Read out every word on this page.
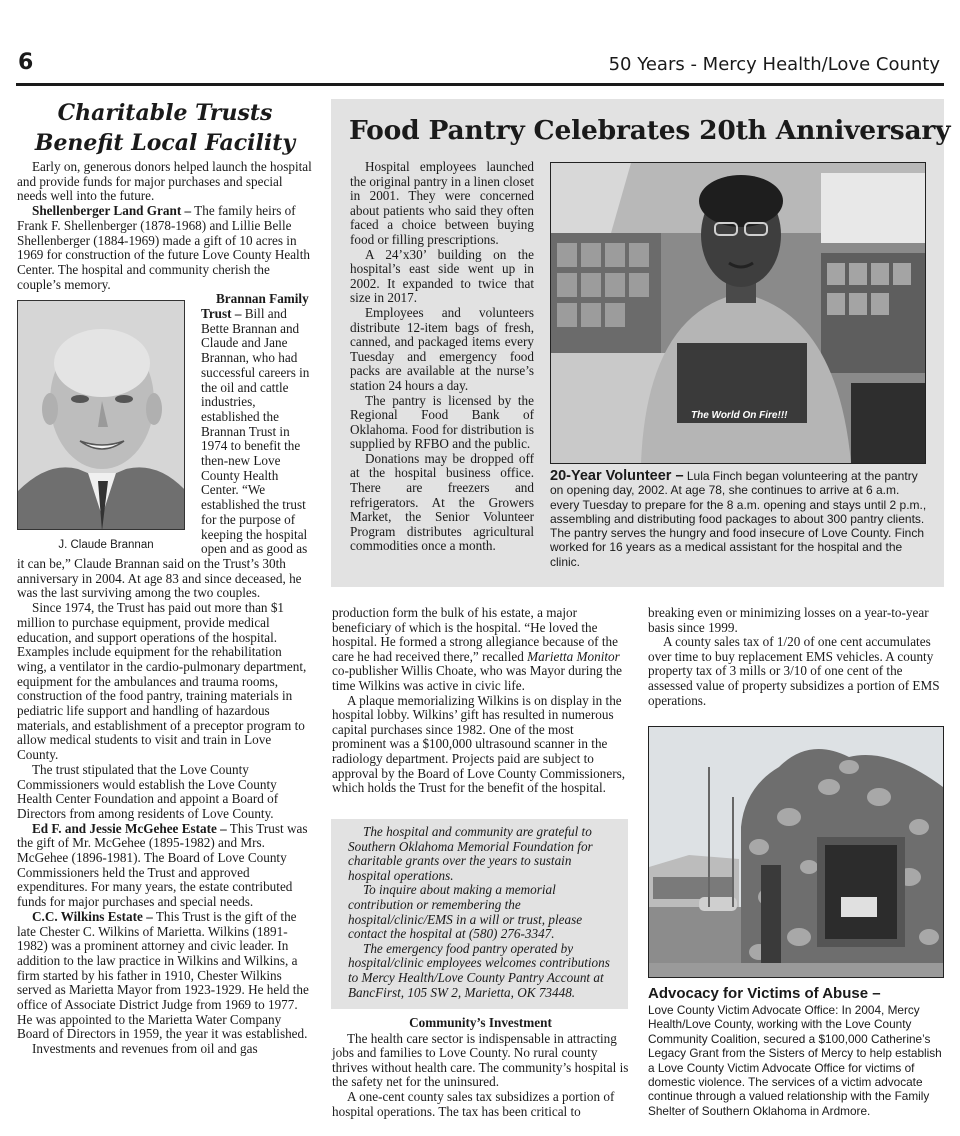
6	50 Years - Mercy Health/Love County
Charitable Trusts
Benefit Local Facility

Early on, generous donors helped launch the hospital and provide funds for major purchases and special needs well into the future.

Shellenberger Land Grant – The family heirs of Frank F. Shellenberger (1878-1968) and Lillie Belle Shellenberger (1884-1969) made a gift of 10 acres in 1969 for construction of the future Love County Health Center. The hospital and community cherish the couple’s memory.

J. Claude Brannan

Brannan Family Trust – Bill and Bette Brannan and Claude and Jane Brannan, who had successful careers in the oil and cattle industries, established the Brannan Trust in 1974 to benefit the then-new Love County Health Center. “We established the trust for the purpose of keeping the hospital open and as good as it can be,” Claude Brannan said on the Trust’s 30th anniversary in 2004. At age 83 and since deceased, he was the last surviving among the two couples.

Since 1974, the Trust has paid out more than $1 million to purchase equipment, provide medical education, and support operations of the hospital. Examples include equipment for the rehabilitation wing, a ventilator in the cardio-pulmonary department, equipment for the ambulances and trauma rooms, construction of the food pantry, training materials in pediatric life support and handling of hazardous materials, and establishment of a preceptor program to allow medical students to visit and train in Love County.

The trust stipulated that the Love County Commissioners would establish the Love County Health Center Foundation and appoint a Board of Directors from among residents of Love County.

Ed F. and Jessie McGehee Estate – This Trust was the gift of Mr. McGehee (1895-1982) and Mrs. McGehee (1896-1981). The Board of Love County Commissioners held the Trust and approved expenditures. For many years, the estate contributed funds for major purchases and special needs.

C.C. Wilkins Estate – This Trust is the gift of the late Chester C. Wilkins of Marietta. Wilkins (1891-1982) was a prominent attorney and civic leader. In addition to the law practice in Wilkins and Wilkins, a firm started by his father in 1910, Chester Wilkins served as Marietta Mayor from 1923-1929. He held the office of Associate District Judge from 1969 to 1977. He was appointed to the Marietta Water Company Board of Directors in 1959, the year it was established.

Investments and revenues from oil and gas

Food Pantry Celebrates 20th Anniversary

Hospital employees launched the original pantry in a linen closet in 2001. They were concerned about patients who said they often faced a choice between buying food or filling prescriptions.

A 24’x30’ building on the hospital’s east side went up in 2002. It expanded to twice that size in 2017.

Employees and volunteers distribute 12-item bags of fresh, canned, and packaged items every Tuesday and emergency food packs are available at the nurse’s station 24 hours a day.

The pantry is licensed by the Regional Food Bank of Oklahoma. Food for distribution is supplied by RFBO and the public.

Donations may be dropped off at the hospital business office. There are freezers and refrigerators. At the Growers Market, the Senior Volunteer Program distributes agricultural commodities once a month.

The World On Fire!!!
20-Year Volunteer – Lula Finch began volunteering at the pantry on opening day, 2002. At age 78, she continues to arrive at 6 a.m. every Tuesday to prepare for the 8 a.m. opening and stays until 2 p.m., assembling and distributing food packages to about 300 pantry clients. The pantry serves the hungry and food insecure of Love County. Finch worked for 16 years as a medical assistant for the hospital and the clinic.

production form the bulk of his estate, a major beneficiary of which is the hospital. “He loved the hospital. He formed a strong allegiance because of the care he had received there,” recalled Marietta Monitor co-publisher Willis Choate, who was Mayor during the time Wilkins was active in civic life.

A plaque memorializing Wilkins is on display in the hospital lobby. Wilkins’ gift has resulted in numerous capital purchases since 1982. One of the most prominent was a $100,000 ultrasound scanner in the radiology department. Projects paid are subject to approval by the Board of Love County Commissioners, which holds the Trust for the benefit of the hospital.

The hospital and community are grateful to Southern Oklahoma Memorial Foundation for charitable grants over the years to sustain hospital operations.

To inquire about making a memorial contribution or remembering the hospital/clinic/EMS in a will or trust, please contact the hospital at (580) 276-3347.

The emergency food pantry operated by hospital/clinic employees welcomes contributions to Mercy Health/Love County Pantry Account at BancFirst, 105 SW 2, Marietta, OK 73448.

Community’s Investment

The health care sector is indispensable in attracting jobs and families to Love County. No rural county thrives without health care. The community’s hospital is the safety net for the uninsured.

A one-cent county sales tax subsidizes a portion of hospital operations. The tax has been critical to

breaking even or minimizing losses on a year-to-year basis since 1999.

A county sales tax of 1/20 of one cent accumulates over time to buy replacement EMS vehicles. A county property tax of 3 mills or 3/10 of one cent of the assessed value of property subsidizes a portion of EMS operations.

Advocacy for Victims of Abuse –
Love County Victim Advocate Office: In 2004, Mercy Health/Love County, working with the Love County Community Coalition, secured a $100,000 Catherine’s Legacy Grant from the Sisters of Mercy to help establish a Love County Victim Advocate Office for victims of domestic violence. The services of a victim advocate continue through a valued relationship with the Family Shelter of Southern Oklahoma in Ardmore.
